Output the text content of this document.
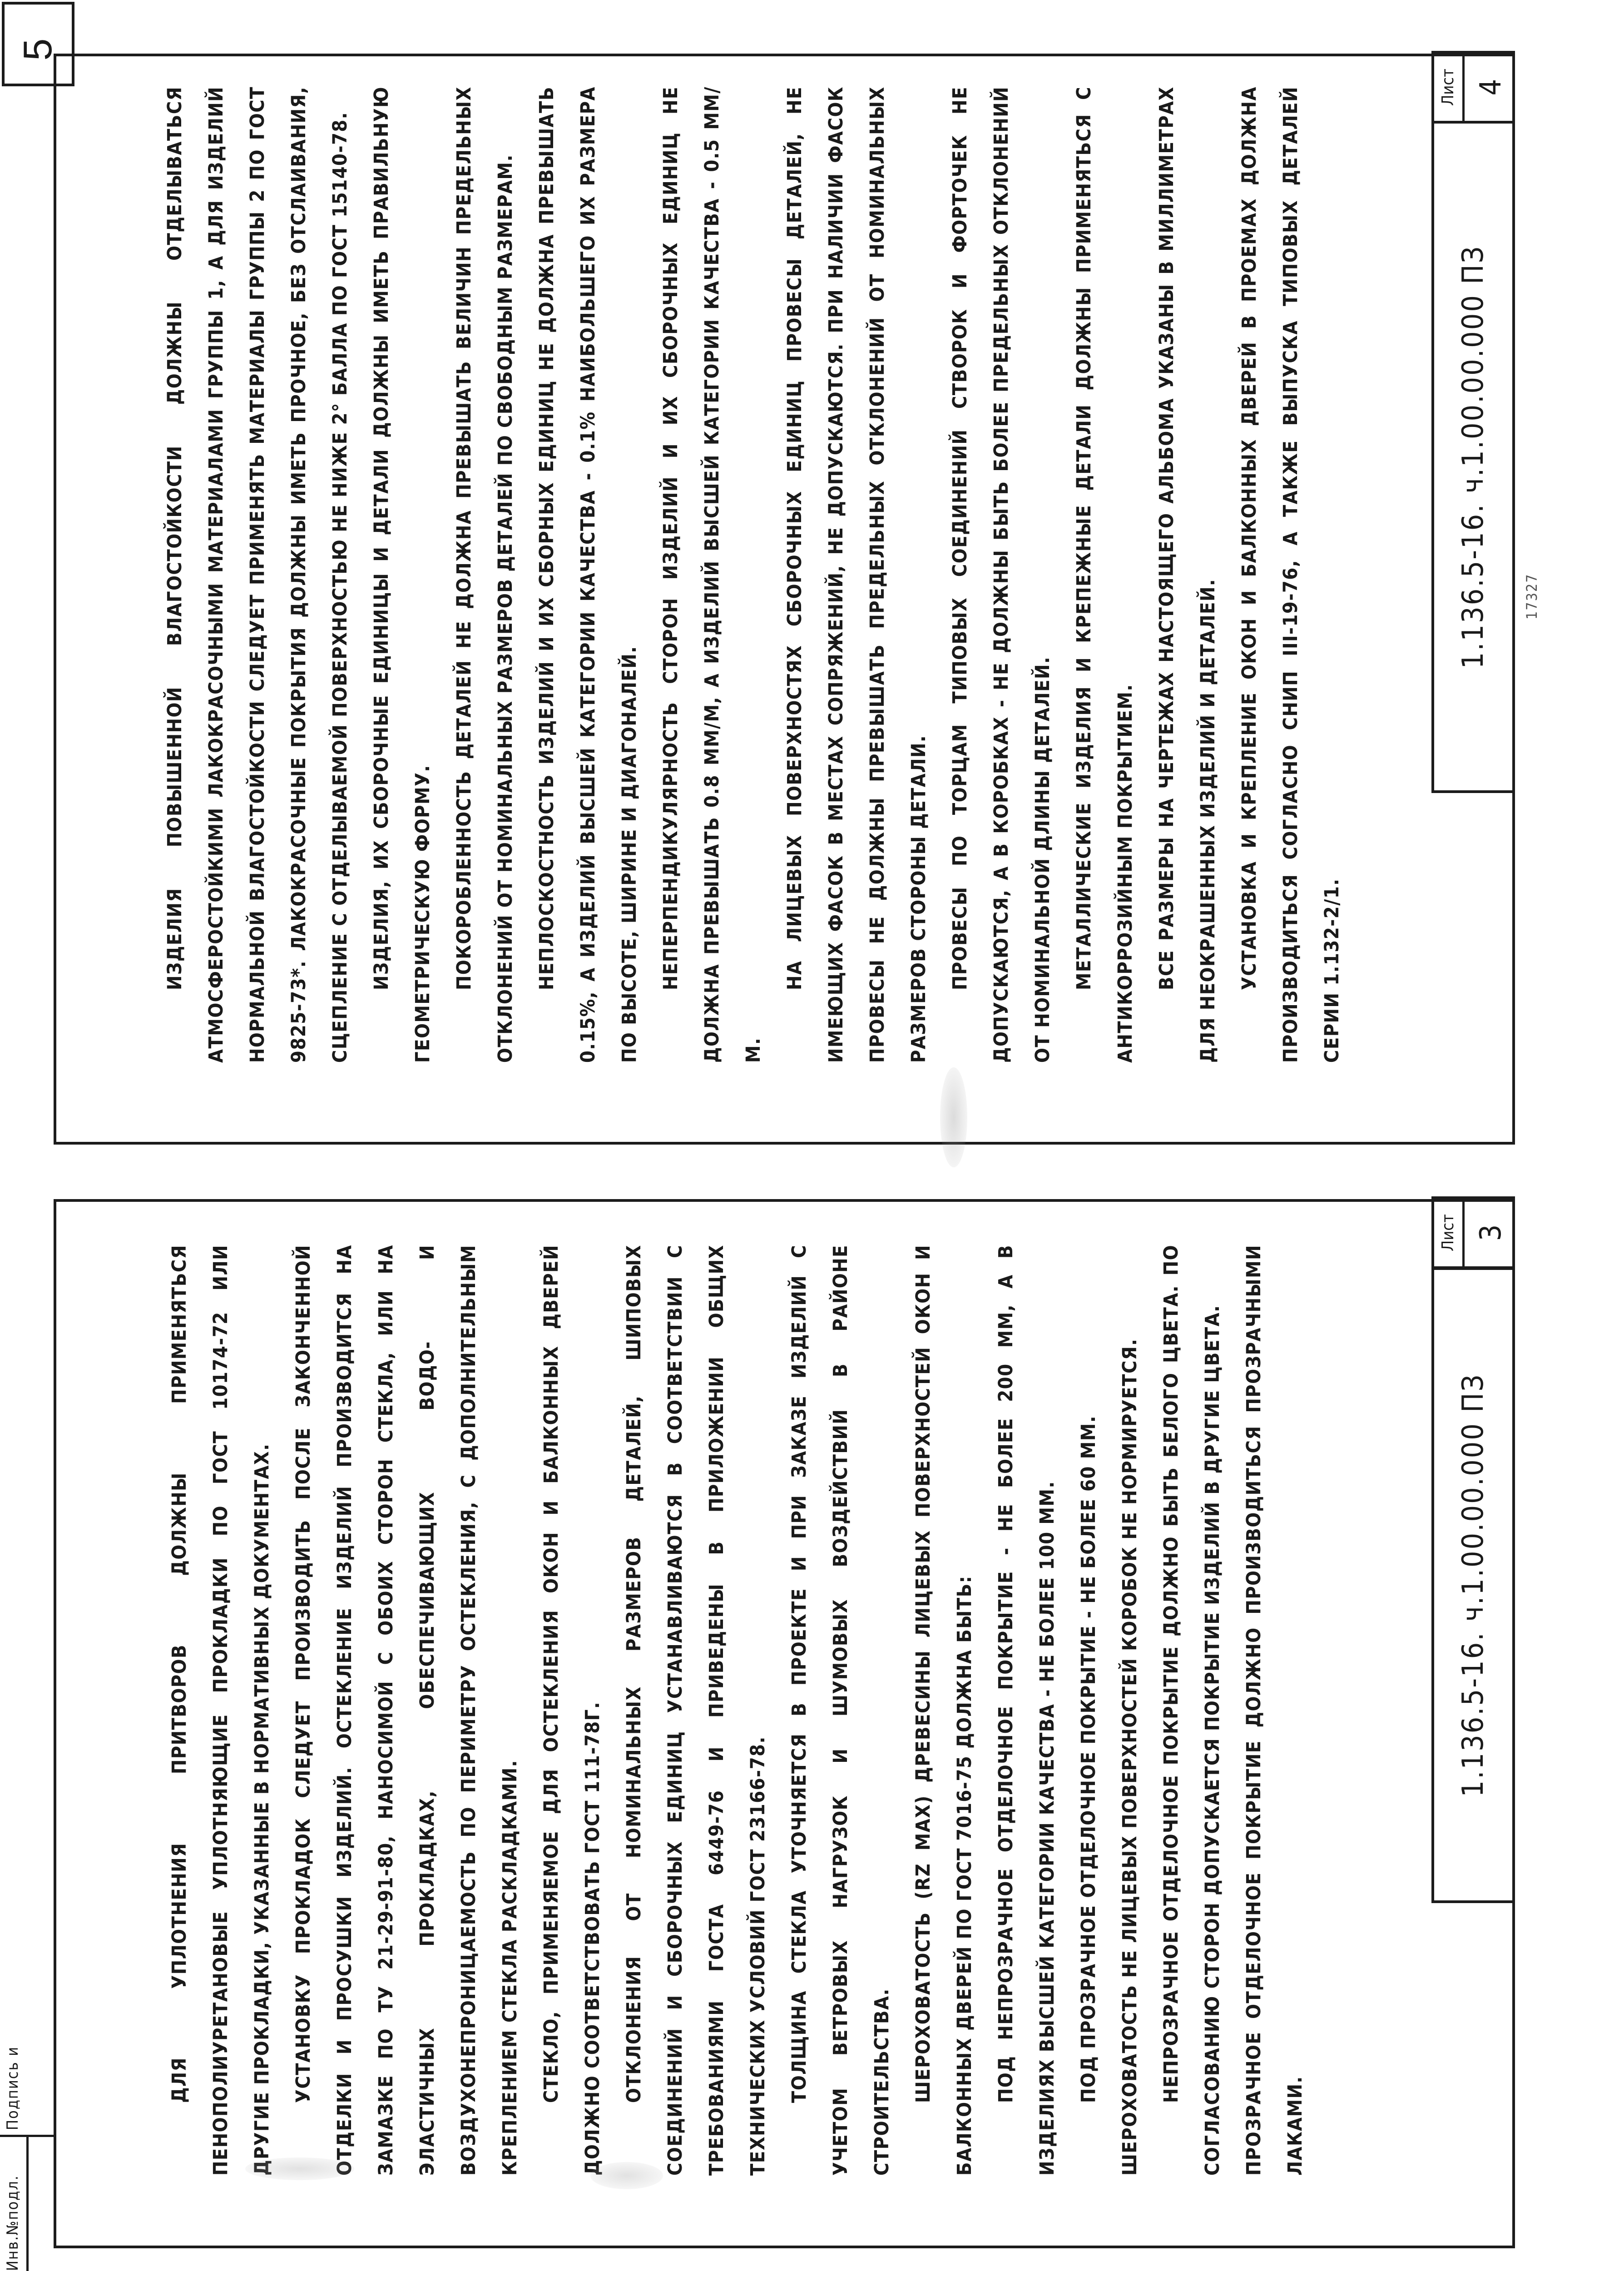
5

ИЗДЕЛИЯ ПОВЫШЕННОЙ ВЛАГОСТОЙКОСТИ ДОЛЖНЫ ОТДЕЛЫВАТЬСЯ АТМОСФЕРОСТОЙКИМИ ЛАКОКРАСОЧНЫМИ МАТЕРИАЛАМИ ГРУППЫ 1, А ДЛЯ ИЗДЕЛИЙ НОРМАЛЬНОЙ ВЛАГОСТОЙКОСТИ СЛЕДУЕТ ПРИМЕНЯТЬ МАТЕРИАЛЫ ГРУППЫ 2 ПО ГОСТ 9825-73*. ЛАКОКРАСОЧНЫЕ ПОКРЫТИЯ ДОЛЖНЫ ИМЕТЬ ПРОЧНОЕ, БЕЗ ОТСЛАИВАНИЯ, СЦЕПЛЕНИЕ С ОТДЕЛЫВАЕМОЙ ПОВЕРХНОСТЬЮ НЕ НИЖЕ 2° БАЛЛА ПО ГОСТ 15140-78. ИЗДЕЛИЯ, ИХ СБОРОЧНЫЕ ЕДИНИЦЫ И ДЕТАЛИ ДОЛЖНЫ ИМЕТЬ ПРАВИЛЬНУЮ ГЕОМЕТРИЧЕСКУЮ ФОРМУ. ПОКОРОБЛЕННОСТЬ ДЕТАЛЕЙ НЕ ДОЛЖНА ПРЕВЫШАТЬ ВЕЛИЧИН ПРЕДЕЛЬНЫХ ОТКЛОНЕНИЙ ОТ НОМИНАЛЬНЫХ РАЗМЕРОВ ДЕТАЛЕЙ ПО СВОБОДНЫМ РАЗМЕРАМ. НЕПЛОСКОСТНОСТЬ ИЗДЕЛИЙ И ИХ СБОРНЫХ ЕДИНИЦ НЕ ДОЛЖНА ПРЕВЫШАТЬ 0.15%, А ИЗДЕЛИЙ ВЫСШЕЙ КАТЕГОРИИ КАЧЕСТВА - 0.1% НАИБОЛЬШЕГО ИХ РАЗМЕРА ПО ВЫСОТЕ, ШИРИНЕ И ДИАГОНАЛЕЙ. НЕПЕРПЕНДИКУЛЯРНОСТЬ СТОРОН ИЗДЕЛИЙ И ИХ СБОРОЧНЫХ ЕДИНИЦ НЕ ДОЛЖНА ПРЕВЫШАТЬ 0.8 ММ/М, А ИЗДЕЛИЙ ВЫСШЕЙ КАТЕГОРИИ КАЧЕСТВА - 0.5 ММ/М.

НА ЛИЦЕВЫХ ПОВЕРХНОСТЯХ СБОРОЧНЫХ ЕДИНИЦ ПРОВЕСЫ ДЕТАЛЕЙ, НЕ ИМЕЮЩИХ ФАСОК В МЕСТАХ СОПРЯЖЕНИЙ, НЕ ДОПУСКАЮТСЯ. ПРИ НАЛИЧИИ ФАСОК ПРОВЕСЫ НЕ ДОЛЖНЫ ПРЕВЫШАТЬ ПРЕДЕЛЬНЫХ ОТКЛОНЕНИЙ ОТ НОМИНАЛЬНЫХ РАЗМЕРОВ СТОРОНЫ ДЕТАЛИ. ПРОВЕСЫ ПО ТОРЦАМ ТИПОВЫХ СОЕДИНЕНИЙ СТВОРОК И ФОРТОЧЕК НЕ ДОПУСКАЮТСЯ, А В КОРОБКАХ - НЕ ДОЛЖНЫ БЫТЬ БОЛЕЕ ПРЕДЕЛЬНЫХ ОТКЛОНЕНИЙ ОТ НОМИНАЛЬНОЙ ДЛИНЫ ДЕТАЛЕЙ. МЕТАЛЛИЧЕСКИЕ ИЗДЕЛИЯ И КРЕПЕЖНЫЕ ДЕТАЛИ ДОЛЖНЫ ПРИМЕНЯТЬСЯ С АНТИКОРРОЗИЙНЫМ ПОКРЫТИЕМ. ВСЕ РАЗМЕРЫ НА ЧЕРТЕЖАХ НАСТОЯЩЕГО АЛЬБОМА УКАЗАНЫ В МИЛЛИМЕТРАХ ДЛЯ НЕОКРАШЕННЫХ ИЗДЕЛИЙ И ДЕТАЛЕЙ. УСТАНОВКА И КРЕПЛЕНИЕ ОКОН И БАЛКОННЫХ ДВЕРЕЙ В ПРОЕМАХ ДОЛЖНА ПРОИЗВОДИТЬСЯ СОГЛАСНО СНИП III-19-76, А ТАКЖЕ ВЫПУСКА ТИПОВЫХ ДЕТАЛЕЙ СЕРИИ 1.132-2/1.

1.136.5-16. ч.1.00.00.000 ПЗ
Лист 4
17327

ДЛЯ УПЛОТНЕНИЯ ПРИТВОРОВ ДОЛЖНЫ ПРИМЕНЯТЬСЯ ПЕНОПОЛИУРЕТАНОВЫЕ УПЛОТНЯЮЩИЕ ПРОКЛАДКИ ПО ГОСТ 10174-72 ИЛИ ДРУГИЕ ПРОКЛАДКИ, УКАЗАННЫЕ В НОРМАТИВНЫХ ДОКУМЕНТАХ. УСТАНОВКУ ПРОКЛАДОК СЛЕДУЕТ ПРОИЗВОДИТЬ ПОСЛЕ ЗАКОНЧЕННОЙ ОТДЕЛКИ И ПРОСУШКИ ИЗДЕЛИЙ. ОСТЕКЛЕНИЕ ИЗДЕЛИЙ ПРОИЗВОДИТСЯ НА ЗАМАЗКЕ ПО ТУ 21-29-91-80, НАНОСИМОЙ С ОБОИХ СТОРОН СТЕКЛА, ИЛИ НА ЭЛАСТИЧНЫХ ПРОКЛАДКАХ, ОБЕСПЕЧИВАЮЩИХ ВОДО- И ВОЗДУХОНЕПРОНИЦАЕМОСТЬ ПО ПЕРИМЕТРУ ОСТЕКЛЕНИЯ, С ДОПОЛНИТЕЛЬНЫМ КРЕПЛЕНИЕМ СТЕКЛА РАСКЛАДКАМИ. СТЕКЛО, ПРИМЕНЯЕМОЕ ДЛЯ ОСТЕКЛЕНИЯ ОКОН И БАЛКОННЫХ ДВЕРЕЙ ДОЛЖНО СООТВЕТСТВОВАТЬ ГОСТ 111-78Г. ОТКЛОНЕНИЯ ОТ НОМИНАЛЬНЫХ РАЗМЕРОВ ДЕТАЛЕЙ, ШИПОВЫХ СОЕДИНЕНИЙ И СБОРОЧНЫХ ЕДИНИЦ УСТАНАВЛИВАЮТСЯ В СООТВЕТСТВИИ С ТРЕБОВАНИЯМИ ГОСТА 6449-76 И ПРИВЕДЕНЫ В ПРИЛОЖЕНИИ ОБЩИХ ТЕХНИЧЕСКИХ УСЛОВИЙ ГОСТ 23166-78. ТОЛЩИНА СТЕКЛА УТОЧНЯЕТСЯ В ПРОЕКТЕ И ПРИ ЗАКАЗЕ ИЗДЕЛИЙ С УЧЕТОМ ВЕТРОВЫХ НАГРУЗОК И ШУМОВЫХ ВОЗДЕЙСТВИЙ В РАЙОНЕ СТРОИТЕЛЬСТВА. ШЕРОХОВАТОСТЬ (RZ MAX) ДРЕВЕСИНЫ ЛИЦЕВЫХ ПОВЕРХНОСТЕЙ ОКОН И БАЛКОННЫХ ДВЕРЕЙ ПО ГОСТ 7016-75 ДОЛЖНА БЫТЬ: ПОД НЕПРОЗРАЧНОЕ ОТДЕЛОЧНОЕ ПОКРЫТИЕ - НЕ БОЛЕЕ 200 ММ, А В ИЗДЕЛИЯХ ВЫСШЕЙ КАТЕГОРИИ КАЧЕСТВА - НЕ БОЛЕЕ 100 ММ. ПОД ПРОЗРАЧНОЕ ОТДЕЛОЧНОЕ ПОКРЫТИЕ - НЕ БОЛЕЕ 60 ММ. ШЕРОХОВАТОСТЬ НЕ ЛИЦЕВЫХ ПОВЕРХНОСТЕЙ КОРОБОК НЕ НОРМИРУЕТСЯ. НЕПРОЗРАЧНОЕ ОТДЕЛОЧНОЕ ПОКРЫТИЕ ДОЛЖНО БЫТЬ БЕЛОГО ЦВЕТА. ПО СОГЛАСОВАНИЮ СТОРОН ДОПУСКАЕТСЯ ПОКРЫТИЕ ИЗДЕЛИЙ В ДРУГИЕ ЦВЕТА. ПРОЗРАЧНОЕ ОТДЕЛОЧНОЕ ПОКРЫТИЕ ДОЛЖНО ПРОИЗВОДИТЬСЯ ПРОЗРАЧНЫМИ ЛАКАМИ.

1.136.5-16. ч.1.00.00.000 ПЗ
Лист 3
Инв.№подл.
Подпись и
